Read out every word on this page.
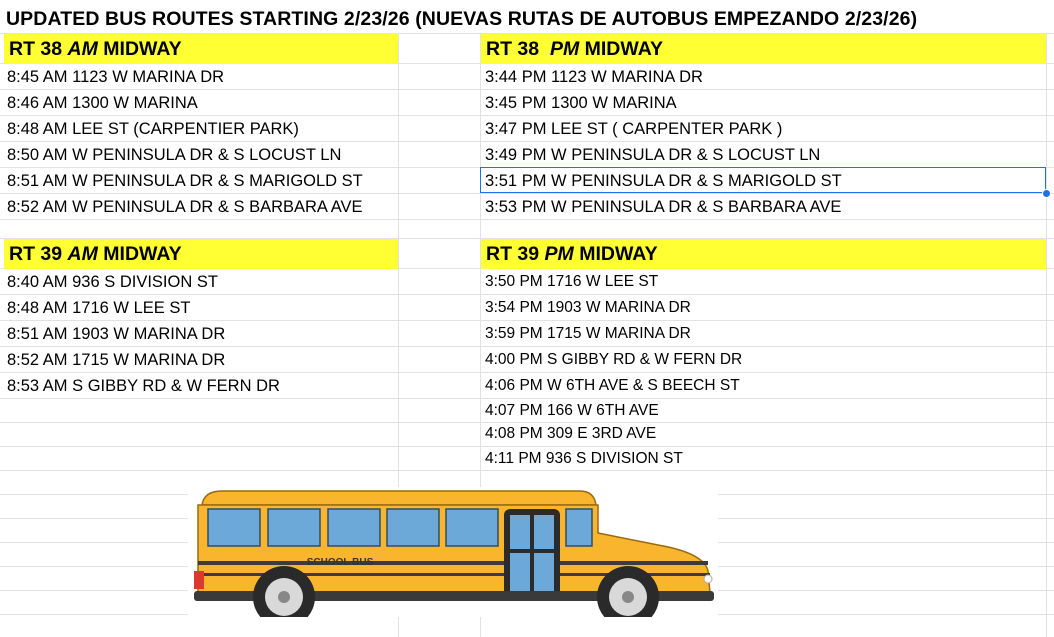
UPDATED BUS ROUTES STARTING 2/23/26 (NUEVAS RUTAS DE AUTOBUS EMPEZANDO 2/23/26)
RT 38 AM MIDWAY
8:45 AM 1123 W MARINA DR
8:46 AM 1300 W MARINA
8:48 AM LEE ST (CARPENTIER PARK)
8:50 AM W PENINSULA DR & S LOCUST LN
8:51 AM W PENINSULA DR & S MARIGOLD ST
8:52 AM W PENINSULA DR & S BARBARA AVE
RT 38 PM MIDWAY
3:44 PM 1123 W MARINA DR
3:45 PM 1300 W MARINA
3:47 PM LEE ST ( CARPENTER PARK )
3:49 PM W PENINSULA DR & S LOCUST LN
3:51 PM W PENINSULA DR & S MARIGOLD ST
3:53 PM W PENINSULA DR & S BARBARA AVE
RT 39 AM MIDWAY
8:40 AM 936 S DIVISION ST
8:48 AM 1716 W LEE ST
8:51 AM 1903 W MARINA DR
8:52 AM 1715 W MARINA DR
8:53 AM S GIBBY RD & W FERN DR
RT 39 PM MIDWAY
3:50 PM 1716 W LEE ST
3:54 PM 1903 W MARINA DR
3:59 PM 1715 W MARINA DR
4:00 PM S GIBBY RD & W FERN DR
4:06 PM W 6TH AVE & S BEECH ST
4:07 PM 166 W 6TH AVE
4:08 PM 309 E 3RD AVE
4:11 PM 936 S DIVISION ST
SCHOOL BUS
